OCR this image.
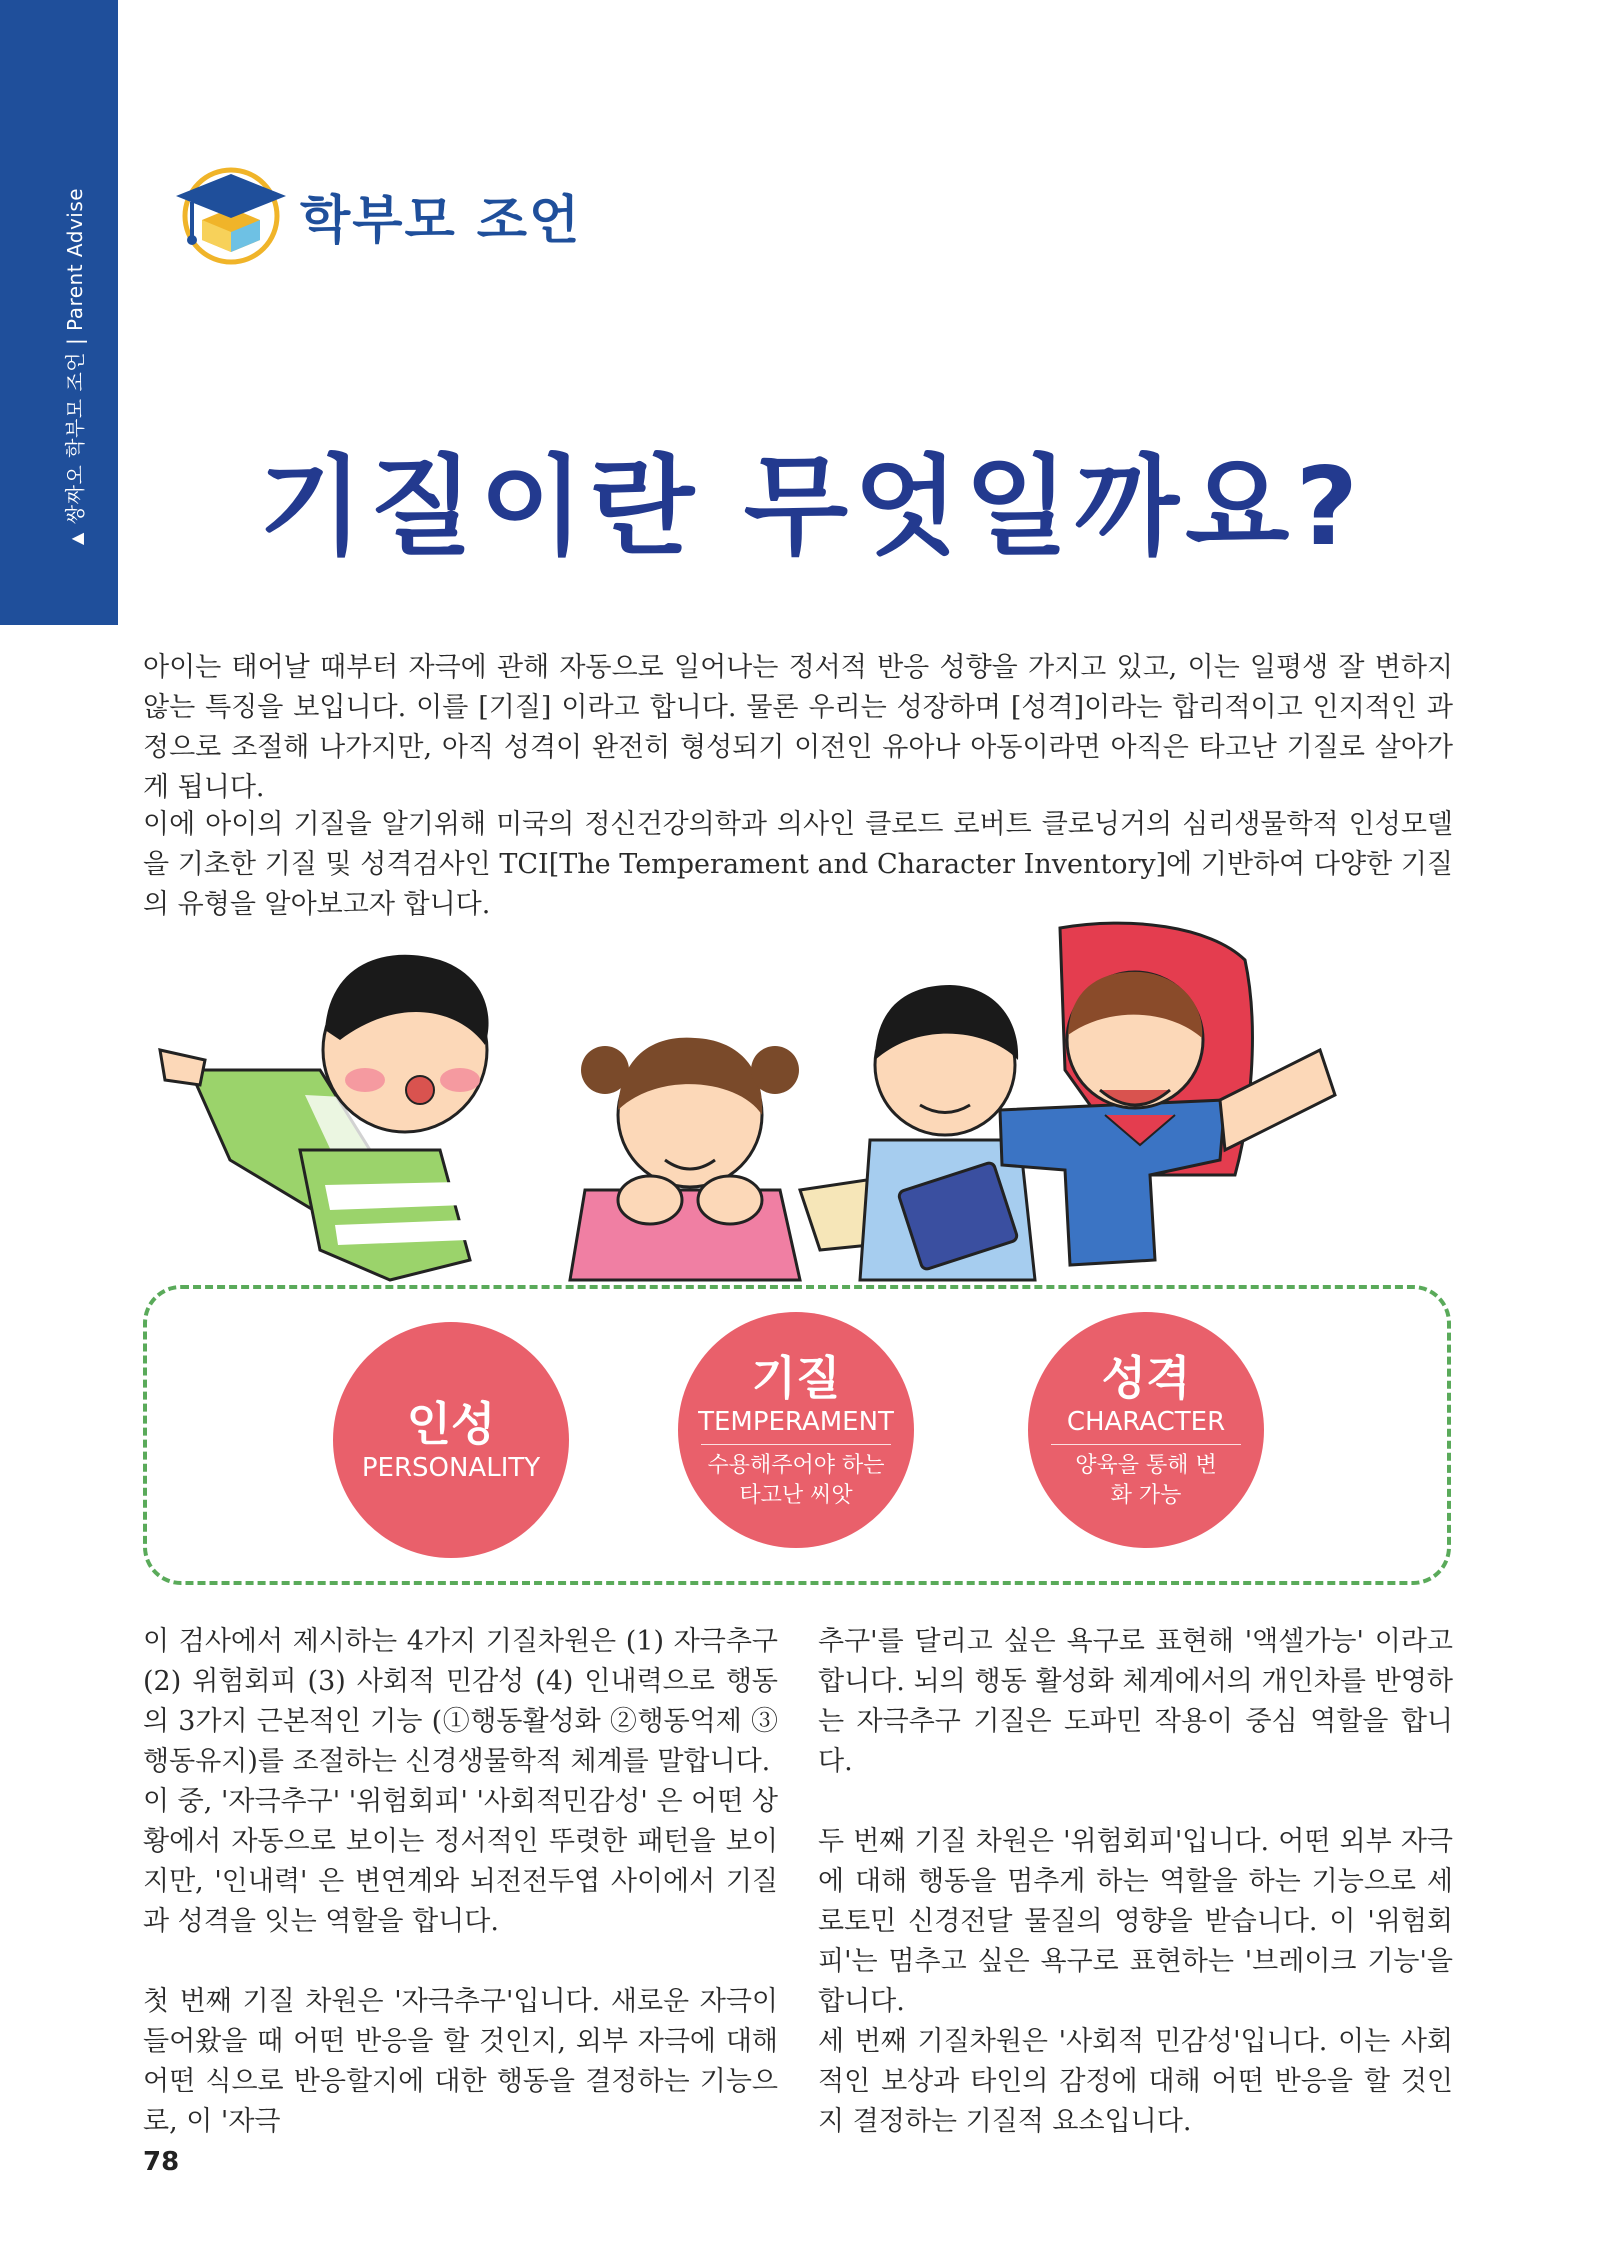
▲쌍짜오 학부모 조언 | Parent Advise	학부모 조언
기질이란 무엇일까요?

아이는 태어날 때부터 자극에 관해 자동으로 일어나는 정서적 반응 성향을 가지고 있고, 이는 일평생 잘 변하지 않는 특징을 보입니다. 이를 [기질] 이라고 합니다. 물론 우리는 성장하며 [성격]이라는 합리적이고 인지적인 과정으로 조절해 나가지만, 아직 성격이 완전히 형성되기 이전인 유아나 아동이라면 아직은 타고난 기질로 살아가게 됩니다.

이에 아이의 기질을 알기위해 미국의 정신건강의학과 의사인 클로드 로버트 클로닝거의 심리생물학적 인성모델을 기초한 기질 및 성격검사인 TCI[The Temperament and Character Inventory]에 기반하여 다양한 기질의 유형을 알아보고자 합니다.

인성
PERSONALITY
기질
TEMPERAMENT
수용해주어야 하는 타고난 씨앗
성격
CHARACTER
양육을 통해 변화 가능

이 검사에서 제시하는 4가지 기질차원은 (1) 자극추구 (2) 위험회피 (3) 사회적 민감성 (4) 인내력으로 행동의 3가지 근본적인 기능 (①행동활성화 ②행동억제 ③행동유지)를 조절하는 신경생물학적 체계를 말합니다.

이 중, '자극추구' '위험회피' '사회적민감성' 은 어떤 상황에서 자동으로 보이는 정서적인 뚜렷한 패턴을 보이지만, '인내력' 은 변연계와 뇌전전두엽 사이에서 기질과 성격을 잇는 역할을 합니다.

첫 번째 기질 차원은 '자극추구'입니다. 새로운 자극이 들어왔을 때 어떤 반응을 할 것인지, 외부 자극에 대해 어떤 식으로 반응할지에 대한 행동을 결정하는 기능으로, 이 '자극

추구'를 달리고 싶은 욕구로 표현해 '액셀가능' 이라고 합니다. 뇌의 행동 활성화 체계에서의 개인차를 반영하는 자극추구 기질은 도파민 작용이 중심 역할을 합니다.

두 번째 기질 차원은 '위험회피'입니다. 어떤 외부 자극에 대해 행동을 멈추게 하는 역할을 하는 기능으로 세로토민 신경전달 물질의 영향을 받습니다. 이 '위험회피'는 멈추고 싶은 욕구로 표현하는 '브레이크 기능'을 합니다.

세 번째 기질차원은 '사회적 민감성'입니다. 이는 사회적인 보상과 타인의 감정에 대해 어떤 반응을 할 것인지 결정하는 기질적 요소입니다.

78
